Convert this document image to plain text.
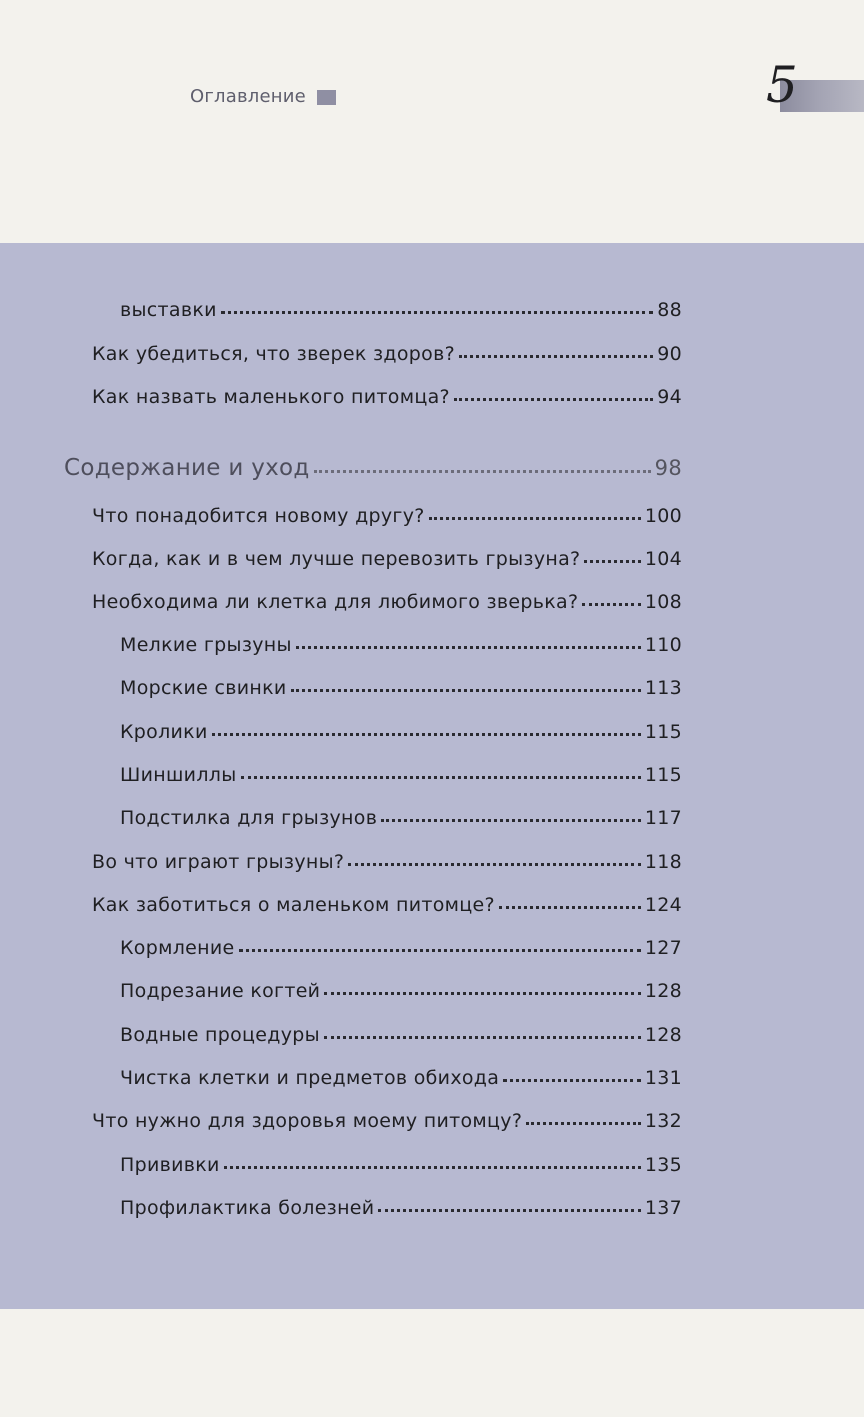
Оглавление	5
выставки	88
Как убедиться, что зверек здоров?	90
Как назвать маленького питомца?	94
Содержание и уход	98
Что понадобится новому другу?	100
Когда, как и в чем лучше перевозить грызуна?	104
Необходима ли клетка для любимого зверька?	108
Мелкие грызуны	110
Морские свинки	113
Кролики	115
Шиншиллы	115
Подстилка для грызунов	117
Во что играют грызуны?	118
Как заботиться о маленьком питомце?	124
Кормление	127
Подрезание когтей	128
Водные процедуры	128
Чистка клетки и предметов обихода	131
Что нужно для здоровья моему питомцу?	132
Прививки	135
Профилактика болезней	137
